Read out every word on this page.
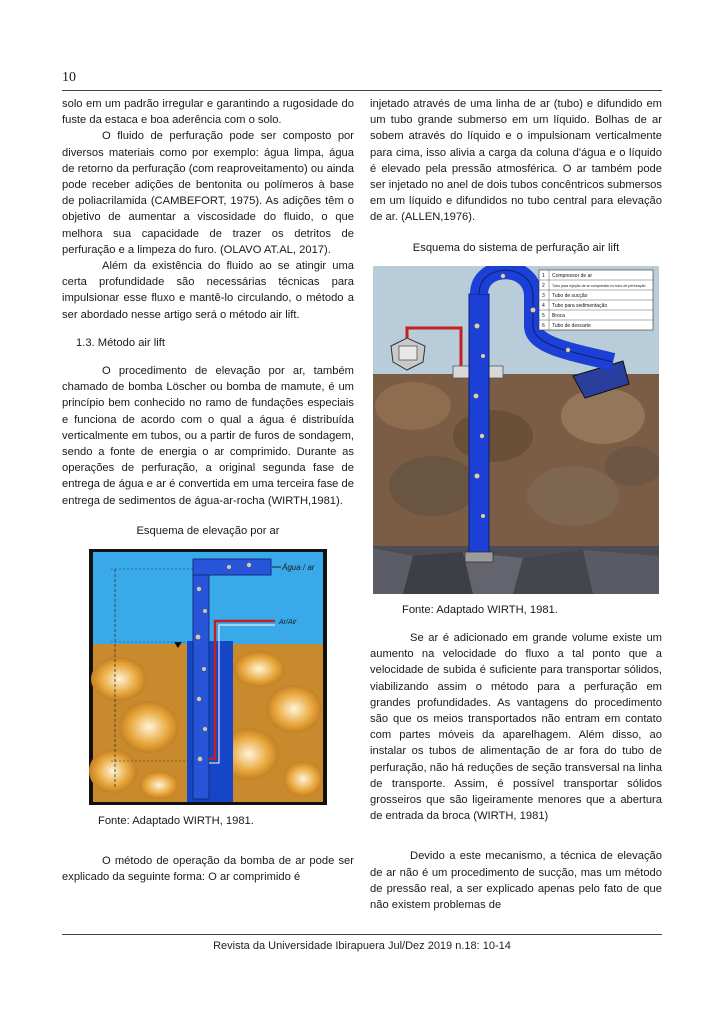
10

solo em um padrão irregular e garantindo a rugosidade do fuste da estaca e boa aderência com o solo.

O fluido de perfuração pode ser composto por diversos materiais como por exemplo: água limpa, água de retorno da perfuração (com reaproveitamento) ou ainda pode receber adições de bentonita ou polímeros à base de poliacrilamida (CAMBEFORT, 1975). As adições têm o objetivo de aumentar a viscosidade do fluido, o que melhora sua capacidade de trazer os detritos de perfuração e a limpeza do furo. (OLAVO AT.AL, 2017).

Além da existência do fluido ao se atingir uma certa profundidade são necessárias técnicas para impulsionar esse fluxo e mantê-lo circulando, o método a ser abordado nesse artigo será o método air lift.

1.3. Método air lift

O procedimento de elevação por ar, também chamado de bomba Löscher ou bomba de mamute, é um princípio bem conhecido no ramo de fundações especiais e funciona de acordo com o qual a água é distribuída verticalmente em tubos, ou a partir de furos de sondagem, sendo a fonte de energia o ar comprimido. Durante as operações de perfuração, a original segunda fase de entrega de água e ar é convertida em uma terceira fase de entrega de sedimentos de água-ar-rocha (WIRTH,1981).

Esquema de elevação por ar
Água / ar
Ar/Air
Fonte: Adaptado WIRTH, 1981.

O método de operação da bomba de ar pode ser explicado da seguinte forma: O ar comprimido é

injetado através de uma linha de ar (tubo) e difundido em um tubo grande submerso em um líquido. Bolhas de ar sobem através do líquido e o impulsionam verticalmente para cima, isso alivia a carga da coluna d'água e o líquido é elevado pela pressão atmosférica. O ar também pode ser injetado no anel de dois tubos concêntricos submersos em um líquido e difundidos no tubo central para elevação de ar. (ALLEN,1976).

Esquema do sistema de perfuração air lift
1 Compressor de ar
2 Tubo para injeção de ar comprimido no tubo de perfuração
3 Tubo de sucção
4 Tubo para sedimentação
5 Broca
6 Tubo de descarte
Fonte: Adaptado WIRTH, 1981.

Se ar é adicionado em grande volume existe um aumento na velocidade do fluxo a tal ponto que a velocidade de subida é suficiente para transportar sólidos, viabilizando assim o método para a perfuração em grandes profundidades. As vantagens do procedimento são que os meios transportados não entram em contato com partes móveis da aparelhagem. Além disso, ao instalar os tubos de alimentação de ar fora do tubo de perfuração, não há reduções de seção transversal na linha de transporte. Assim, é possível transportar sólidos grosseiros que são ligeiramente menores que a abertura de entrada da broca (WIRTH, 1981)

Devido a este mecanismo, a técnica de elevação de ar não é um procedimento de sucção, mas um método de pressão real, a ser explicado apenas pelo fato de que não existem problemas de

Revista da Universidade Ibirapuera Jul/Dez 2019 n.18: 10-14
